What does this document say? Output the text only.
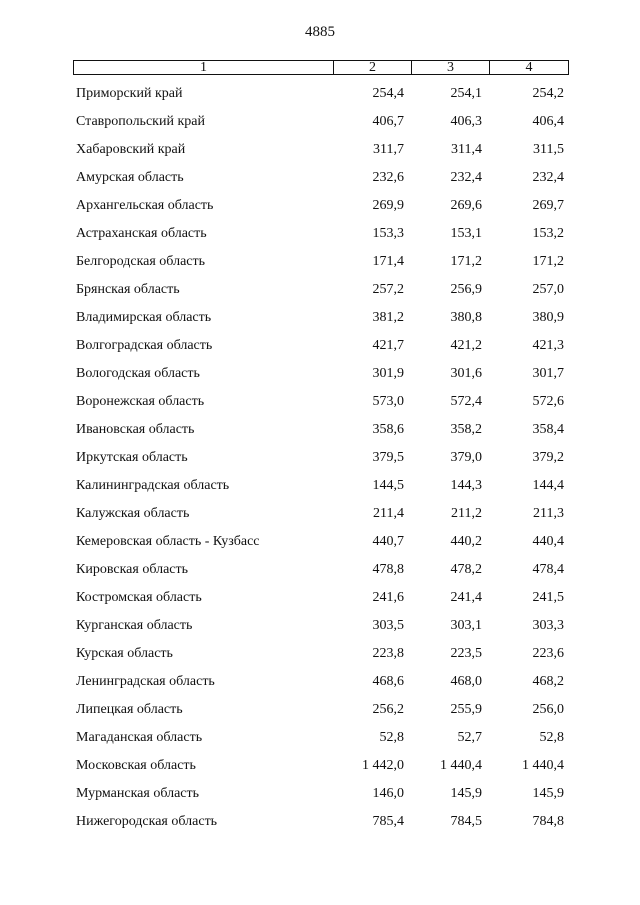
4885
1	2	3	4
Приморский край	254,4	254,1	254,2
Ставропольский край	406,7	406,3	406,4
Хабаровский край	311,7	311,4	311,5
Амурская область	232,6	232,4	232,4
Архангельская область	269,9	269,6	269,7
Астраханская область	153,3	153,1	153,2
Белгородская область	171,4	171,2	171,2
Брянская область	257,2	256,9	257,0
Владимирская область	381,2	380,8	380,9
Волгоградская область	421,7	421,2	421,3
Вологодская область	301,9	301,6	301,7
Воронежская область	573,0	572,4	572,6
Ивановская область	358,6	358,2	358,4
Иркутская область	379,5	379,0	379,2
Калининградская область	144,5	144,3	144,4
Калужская область	211,4	211,2	211,3
Кемеровская область - Кузбасс	440,7	440,2	440,4
Кировская область	478,8	478,2	478,4
Костромская область	241,6	241,4	241,5
Курганская область	303,5	303,1	303,3
Курская область	223,8	223,5	223,6
Ленинградская область	468,6	468,0	468,2
Липецкая область	256,2	255,9	256,0
Магаданская область	52,8	52,7	52,8
Московская область	1 442,0	1 440,4	1 440,4
Мурманская область	146,0	145,9	145,9
Нижегородская область	785,4	784,5	784,8
